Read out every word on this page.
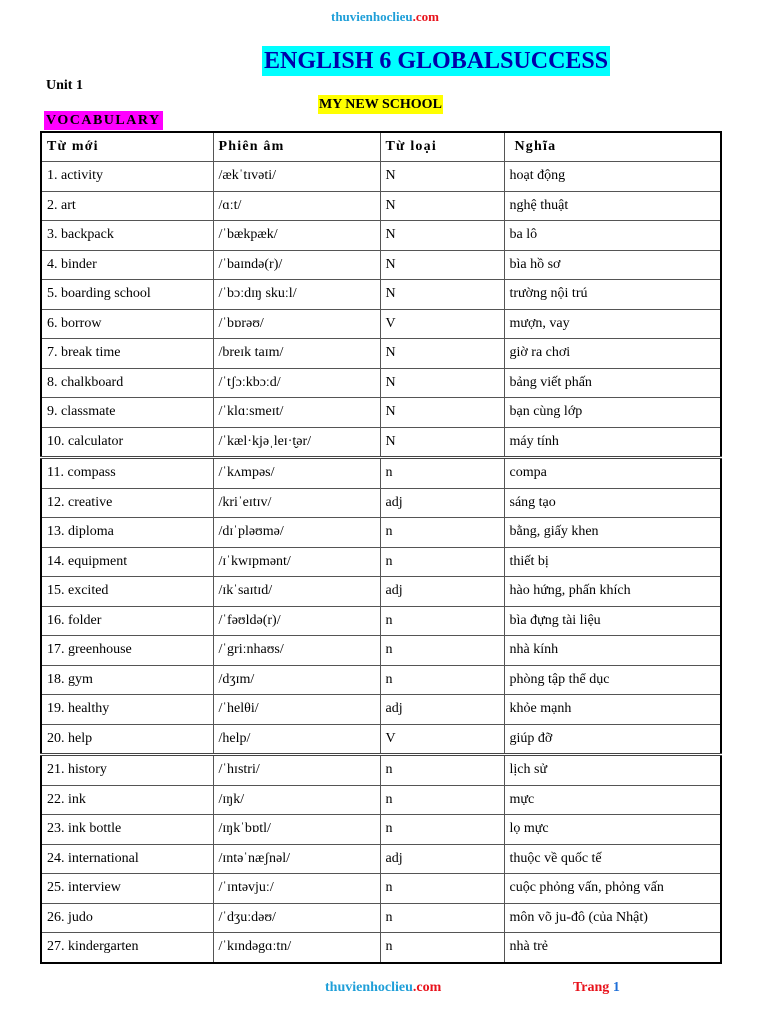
thuvienhoclieu.com
ENGLISH 6 GLOBALSUCCESS
Unit 1
MY NEW SCHOOL
VOCABULARY
Từ mới	Phiên âm	Từ loại	Nghĩa
1. activity	/ækˈtɪvəti/	N	hoạt động
2. art	/ɑːt/	N	nghệ thuật
3. backpack	/ˈbækpæk/	N	ba lô
4. binder	/ˈbaɪndə(r)/	N	bìa hồ sơ
5. boarding school	/ˈbɔːdɪŋ skuːl/	N	trường nội trú
6. borrow	/ˈbɒrəʊ/	V	mượn, vay
7. break time	/breɪk taɪm/	N	giờ ra chơi
8. chalkboard	/ˈtʃɔːkbɔːd/	N	bảng viết phấn
9. classmate	/ˈklɑːsmeɪt/	N	bạn cùng lớp
10. calculator	/ˈkæl·kjəˌleɪ·t̬ər/	N	máy tính
11. compass	/ˈkʌmpəs/	n	compa
12. creative	/kriˈeɪtɪv/	adj	sáng tạo
13. diploma	/dɪˈpləʊmə/	n	bằng, giấy khen
14. equipment	/ɪˈkwɪpmənt/	n	thiết bị
15. excited	/ɪkˈsaɪtɪd/	adj	hào hứng, phấn khích
16. folder	/ˈfəʊldə(r)/	n	bìa đựng tài liệu
17. greenhouse	/ˈgriːnhaʊs/	n	nhà kính
18. gym	/dʒɪm/	n	phòng tập thể dục
19. healthy	/ˈhelθi/	adj	khỏe mạnh
20. help	/help/	V	giúp đỡ
21. history	/ˈhɪstri/	n	lịch sử
22. ink	/ɪŋk/	n	mực
23. ink bottle	/ɪŋkˈbɒtl/	n	lọ mực
24. international	/ɪntəˈnæʃnəl/	adj	thuộc về quốc tế
25. interview	/ˈɪntəvjuː/	n	cuộc phỏng vấn, phỏng vấn
26. judo	/ˈdʒuːdəʊ/	n	môn võ ju-đô (của Nhật)
27. kindergarten	/ˈkɪndəgɑːtn/	n	nhà trẻ
thuvienhoclieu.com	Trang 1
